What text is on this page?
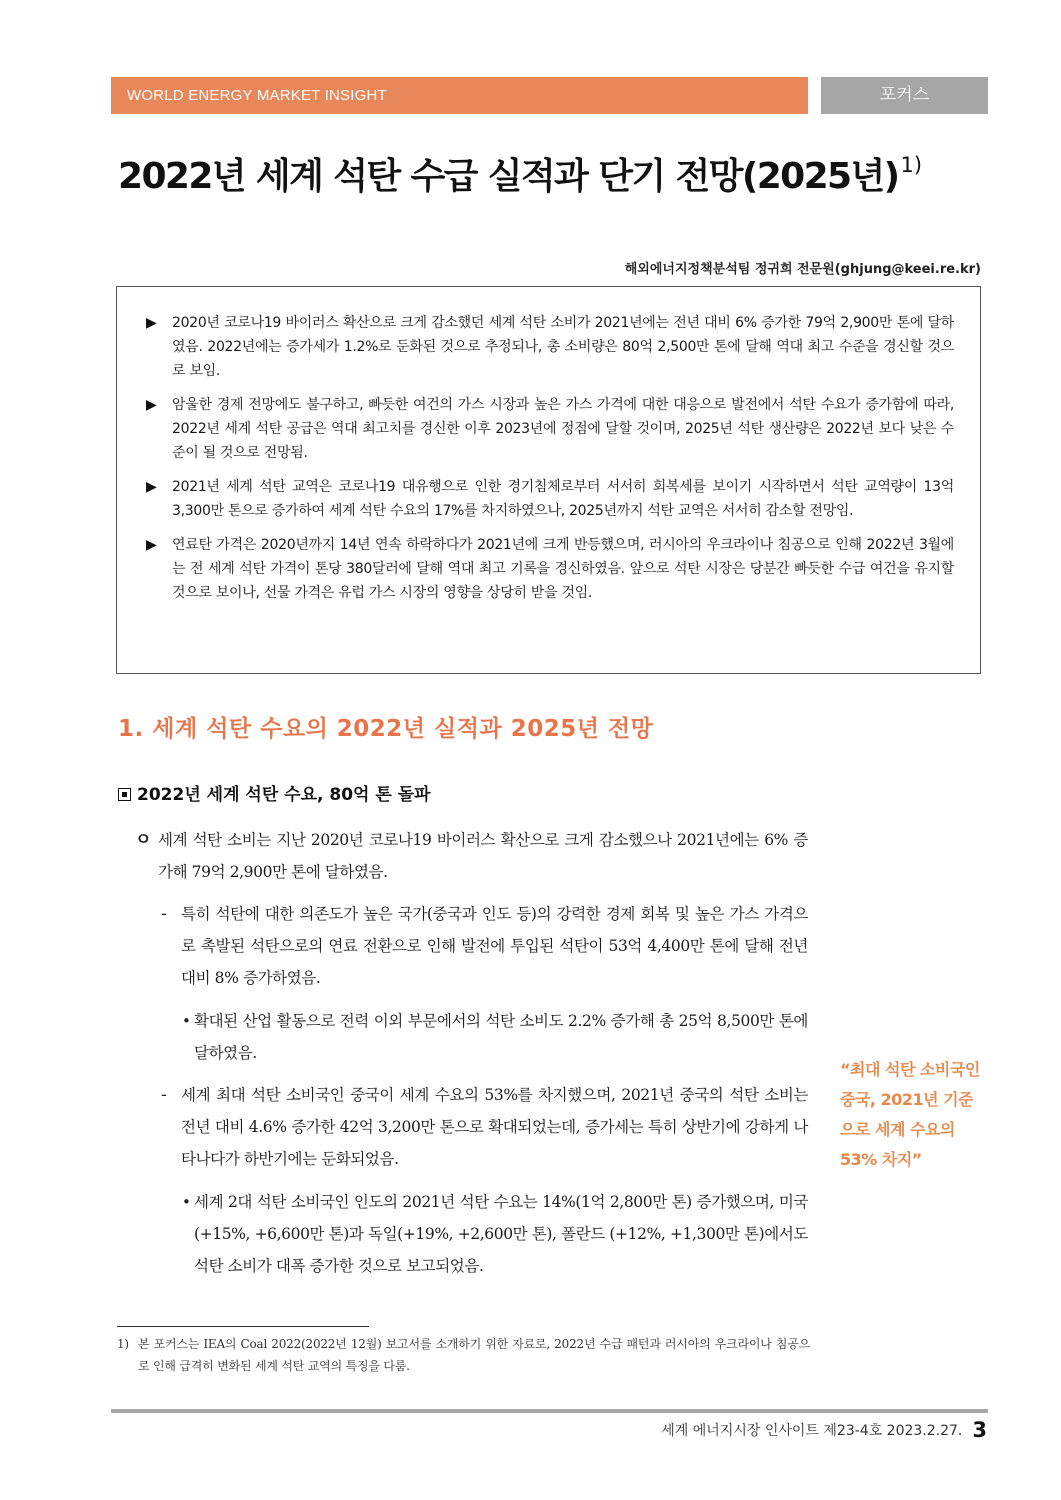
WORLD ENERGY MARKET INSIGHT	포커스
2022년 세계 석탄 수급 실적과 단기 전망(2025년)$^{1)}$
해외에너지정책분석팀 정귀희 전문원(ghjung@keei.re.kr)
▶	2020년 코로나19 바이러스 확산으로 크게 감소했던 세계 석탄 소비가 2021년에는 전년 대비 6% 증가한 79억 2,900만 톤에 달하였음. 2022년에는 증가세가 1.2%로 둔화된 것으로 추정되나, 총 소비량은 80억 2,500만 톤에 달해 역대 최고 수준을 경신할 것으로 보임.
▶	암울한 경제 전망에도 불구하고, 빠듯한 여건의 가스 시장과 높은 가스 가격에 대한 대응으로 발전에서 석탄 수요가 증가함에 따라, 2022년 세계 석탄 공급은 역대 최고치를 경신한 이후 2023년에 정점에 달할 것이며, 2025년 석탄 생산량은 2022년 보다 낮은 수준이 될 것으로 전망됨.
▶	2021년 세계 석탄 교역은 코로나19 대유행으로 인한 경기침체로부터 서서히 회복세를 보이기 시작하면서 석탄 교역량이 13억 3,300만 톤으로 증가하여 세계 석탄 수요의 17%를 차지하였으나, 2025년까지 석탄 교역은 서서히 감소할 전망임.
▶	연료탄 가격은 2020년까지 14년 연속 하락하다가 2021년에 크게 반등했으며, 러시아의 우크라이나 침공으로 인해 2022년 3월에는 전 세계 석탄 가격이 톤당 380달러에 달해 역대 최고 기록을 경신하였음. 앞으로 석탄 시장은 당분간 빠듯한 수급 여건을 유지할 것으로 보이나, 선물 가격은 유럽 가스 시장의 영향을 상당히 받을 것임.
1. 세계 석탄 수요의 2022년 실적과 2025년 전망
2022년 세계 석탄 수요, 80억 톤 돌파
ㅇ 세계 석탄 소비는 지난 2020년 코로나19 바이러스 확산으로 크게 감소했으나 2021년에는 6% 증가해 79억 2,900만 톤에 달하였음.
- 특히 석탄에 대한 의존도가 높은 국가(중국과 인도 등)의 강력한 경제 회복 및 높은 가스 가격으로 촉발된 석탄으로의 연료 전환으로 인해 발전에 투입된 석탄이 53억 4,400만 톤에 달해 전년 대비 8% 증가하였음.
• 확대된 산업 활동으로 전력 이외 부문에서의 석탄 소비도 2.2% 증가해 총 25억 8,500만 톤에 달하였음.
- 세계 최대 석탄 소비국인 중국이 세계 수요의 53%를 차지했으며, 2021년 중국의 석탄 소비는 전년 대비 4.6% 증가한 42억 3,200만 톤으로 확대되었는데, 증가세는 특히 상반기에 강하게 나타나다가 하반기에는 둔화되었음.
• 세계 2대 석탄 소비국인 인도의 2021년 석탄 수요는 14%(1억 2,800만 톤) 증가했으며, 미국(+15%, +6,600만 톤)과 독일(+19%, +2,600만 톤), 폴란드 (+12%, +1,300만 톤)에서도 석탄 소비가 대폭 증가한 것으로 보고되었음.
“최대 석탄 소비국인 중국, 2021년 기준으로 세계 수요의 53% 차지”
1) 본 포커스는 IEA의 Coal 2022(2022년 12월) 보고서를 소개하기 위한 자료로, 2022년 수급 패턴과 러시아의 우크라이나 침공으로 인해 급격히 변화된 세계 석탄 교역의 특징을 다룸.
세계 에너지시장 인사이트 제23-4호 2023.2.27. 3
